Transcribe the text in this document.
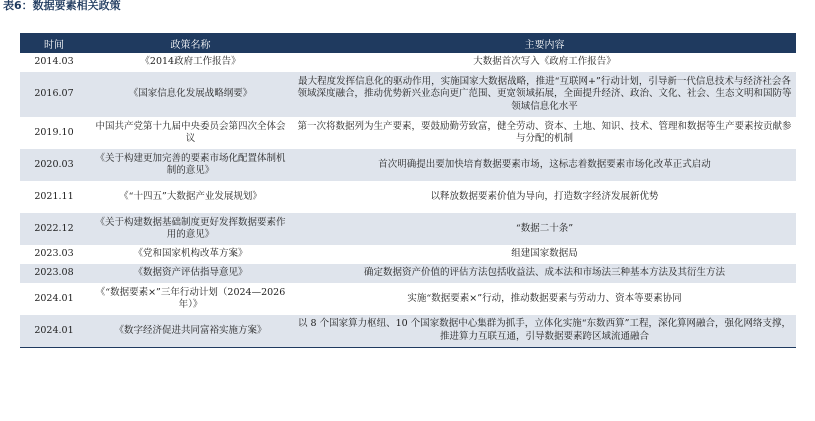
表6：数据要素相关政策
时间	政策名称	主要内容
2014.03	《2014政府工作报告》	大数据首次写入《政府工作报告》
2016.07	《国家信息化发展战略纲要》	最大程度发挥信息化的驱动作用，实施国家大数据战略，推进“互联网+”行动计划，引导新一代信息技术与经济社会各领域深度融合，推动优势新兴业态向更广范围、更宽领域拓展，全面提升经济、政治、文化、社会、生态文明和国防等领域信息化水平
2019.10	中国共产党第十九届中央委员会第四次全体会议	第一次将数据列为生产要素，要鼓励勤劳致富，健全劳动、资本、土地、知识、技术、管理和数据等生产要素按贡献参与分配的机制
2020.03	《关于构建更加完善的要素市场化配置体制机制的意见》	首次明确提出要加快培育数据要素市场，这标志着数据要素市场化改革正式启动
2021.11	《“十四五”大数据产业发展规划》	以释放数据要素价值为导向，打造数字经济发展新优势
2022.12	《关于构建数据基础制度更好发挥数据要素作用的意见》	“数据二十条”
2023.03	《党和国家机构改革方案》	组建国家数据局
2023.08	《数据资产评估指导意见》	确定数据资产价值的评估方法包括收益法、成本法和市场法三种基本方法及其衍生方法
2024.01	《“数据要素×”三年行动计划（2024—2026年）》	实施“数据要素×”行动，推动数据要素与劳动力、资本等要素协同
2024.01	《数字经济促进共同富裕实施方案》	以 8 个国家算力枢纽、10 个国家数据中心集群为抓手，立体化实施“东数西算”工程，深化算网融合，强化网络支撑，推进算力互联互通，引导数据要素跨区域流通融合
